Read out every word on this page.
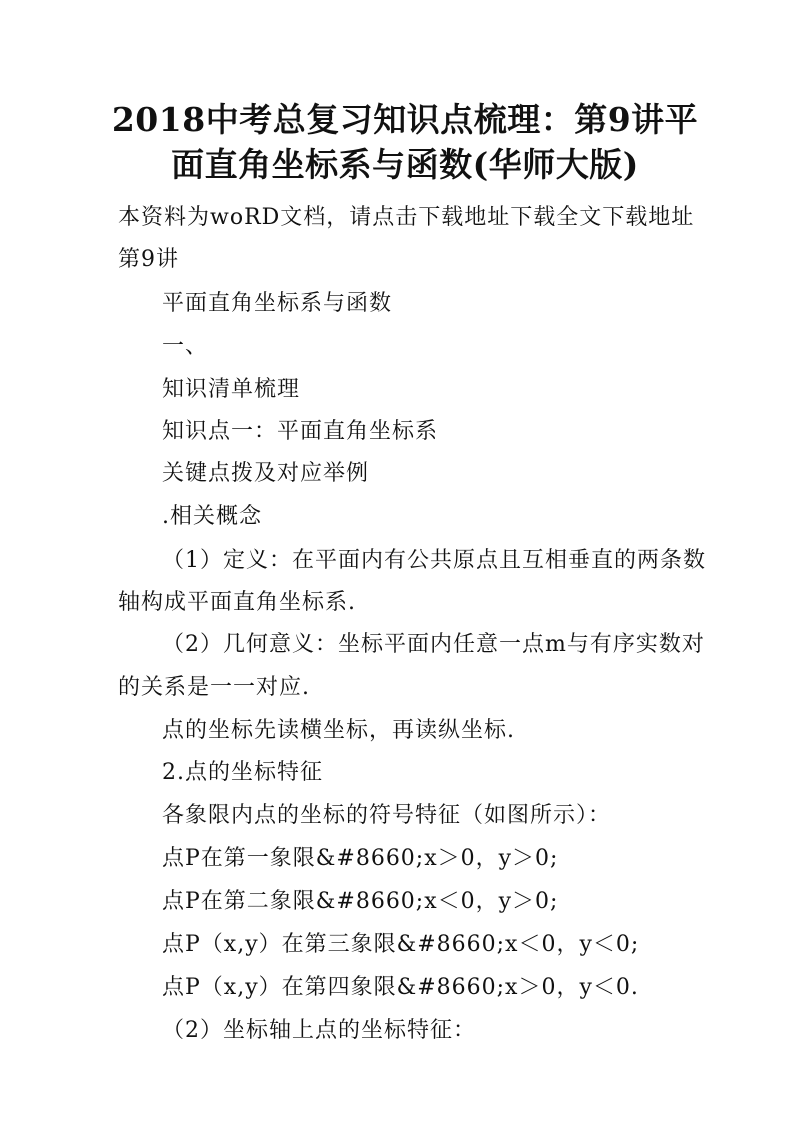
2018中考总复习知识点梳理：第9讲平
面直角坐标系与函数(华师大版)
本资料为woRD文档，请点击下载地址下载全文下载地址
第9讲
平面直角坐标系与函数
一、
知识清单梳理
知识点一：平面直角坐标系
关键点拨及对应举例
.相关概念
（1）定义：在平面内有公共原点且互相垂直的两条数
轴构成平面直角坐标系.
（2）几何意义：坐标平面内任意一点m与有序实数对
的关系是一一对应.
点的坐标先读横坐标，再读纵坐标.
2.点的坐标特征
各象限内点的坐标的符号特征（如图所示）：
点P在第一象限&#8660;x＞0，y＞0;
点P在第二象限&#8660;x＜0，y＞0;
点P（x,y）在第三象限&#8660;x＜0，y＜0;
点P（x,y）在第四象限&#8660;x＞0，y＜0.
（2）坐标轴上点的坐标特征：
